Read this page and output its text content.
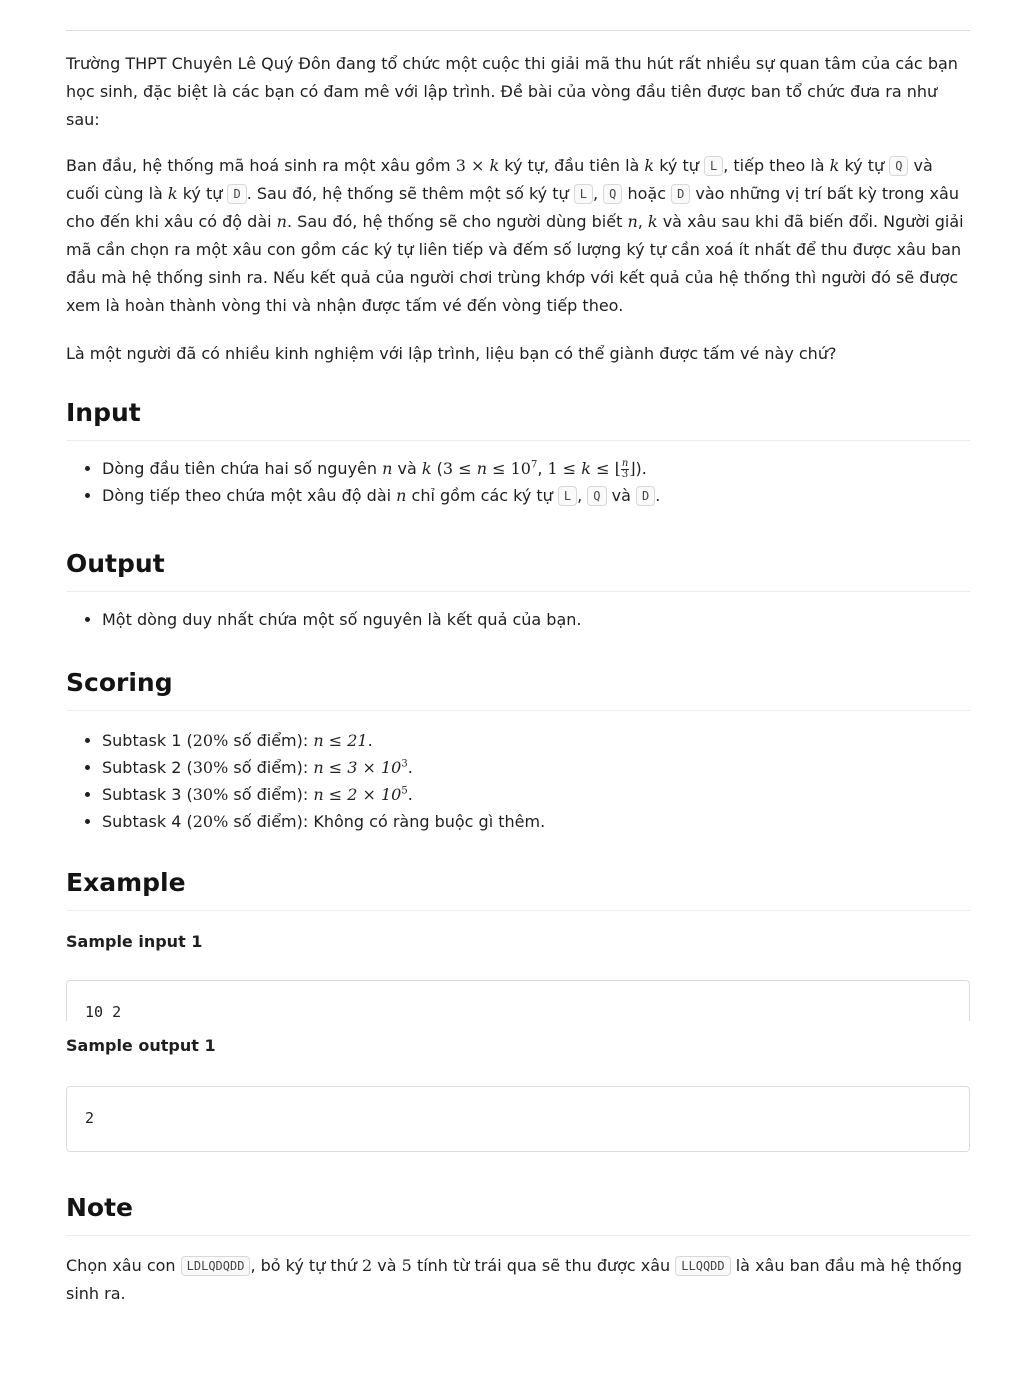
Trường THPT Chuyên Lê Quý Đôn đang tổ chức một cuộc thi giải mã thu hút rất nhiều sự quan tâm của các bạn học sinh, đặc biệt là các bạn có đam mê với lập trình. Đề bài của vòng đầu tiên được ban tổ chức đưa ra như sau:

Ban đầu, hệ thống mã hoá sinh ra một xâu gồm 3 × k ký tự, đầu tiên là k ký tự L , tiếp theo là k ký tự Q và cuối cùng là k ký tự D . Sau đó, hệ thống sẽ thêm một số ký tự L , Q hoặc D vào những vị trí bất kỳ trong xâu cho đến khi xâu có độ dài n. Sau đó, hệ thống sẽ cho người dùng biết n, k và xâu sau khi đã biến đổi. Người giải mã cần chọn ra một xâu con gồm các ký tự liên tiếp và đếm số lượng ký tự cần xoá ít nhất để thu được xâu ban đầu mà hệ thống sinh ra. Nếu kết quả của người chơi trùng khớp với kết quả của hệ thống thì người đó sẽ được xem là hoàn thành vòng thi và nhận được tấm vé đến vòng tiếp theo.

Là một người đã có nhiều kinh nghiệm với lập trình, liệu bạn có thể giành được tấm vé này chứ?

Input
• Dòng đầu tiên chứa hai số nguyên n và k ($3 \le n \le 10^7$, 1 ≤ k ≤ ⌊ $\frac{n}{3}$ ⌋).
• Dòng tiếp theo chứa một xâu độ dài n chỉ gồm các ký tự L , Q và D .
Output
• Một dòng duy nhất chứa một số nguyên là kết quả của bạn.
Scoring
• Subtask 1 (20% số điểm): n ≤ 21.
• Subtask 2 (30% số điểm): $n \le 3 \times 10^3$.
• Subtask 3 (30% số điểm): $n \le 2 \times 10^5$.
• Subtask 4 (20% số điểm): Không có ràng buộc gì thêm.
Example
Sample input 1
10 2
Sample output 1
2
Note

Chọn xâu con LDLQDQDD , bỏ ký tự thứ 2 và 5 tính từ trái qua sẽ thu được xâu LLQQDD là xâu ban đầu mà hệ thống sinh ra.
